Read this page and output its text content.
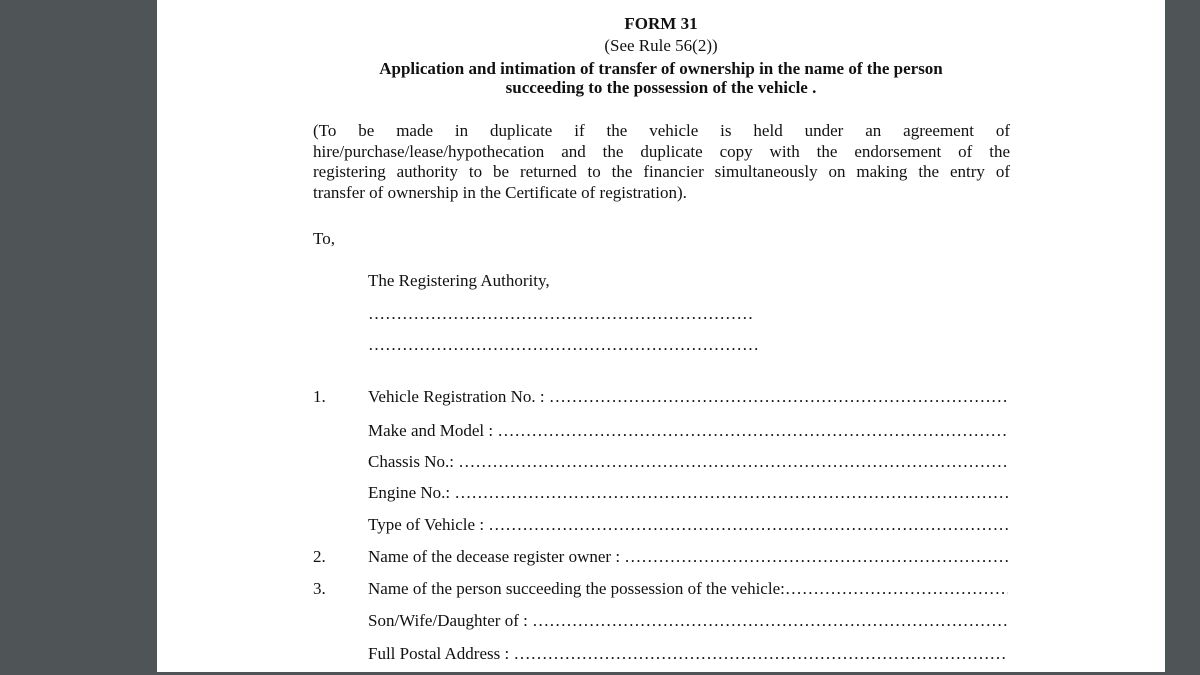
FORM 31
(See Rule 56(2))
Application and intimation of transfer of ownership in the name of the person
succeeding to the possession of the vehicle .
(To be made in duplicate if the vehicle is held under an agreement of
hire/purchase/lease/hypothecation and the duplicate copy with the endorsement of the
registering authority to be returned to the financier simultaneously on making the entry of
transfer of ownership in the Certificate of registration).
To,
The Registering Authority,
………………………………………………………………………………………………………………………………
………………………………………………………………………………………………………………………………
1. Vehicle Registration No. :
………………………………………………………………………………………………………………………………
Make and Model :
………………………………………………………………………………………………………………………………
Chassis No.:
………………………………………………………………………………………………………………………………
Engine No.:
………………………………………………………………………………………………………………………………
Type of Vehicle :
………………………………………………………………………………………………………………………………
2. Name of the decease register owner :
………………………………………………………………………………………………………………………………
3. Name of the person succeeding the possession of the vehicle:
………………………………………………………………………………………………………………………………
Son/Wife/Daughter of :
………………………………………………………………………………………………………………………………
Full Postal Address :
………………………………………………………………………………………………………………………………
